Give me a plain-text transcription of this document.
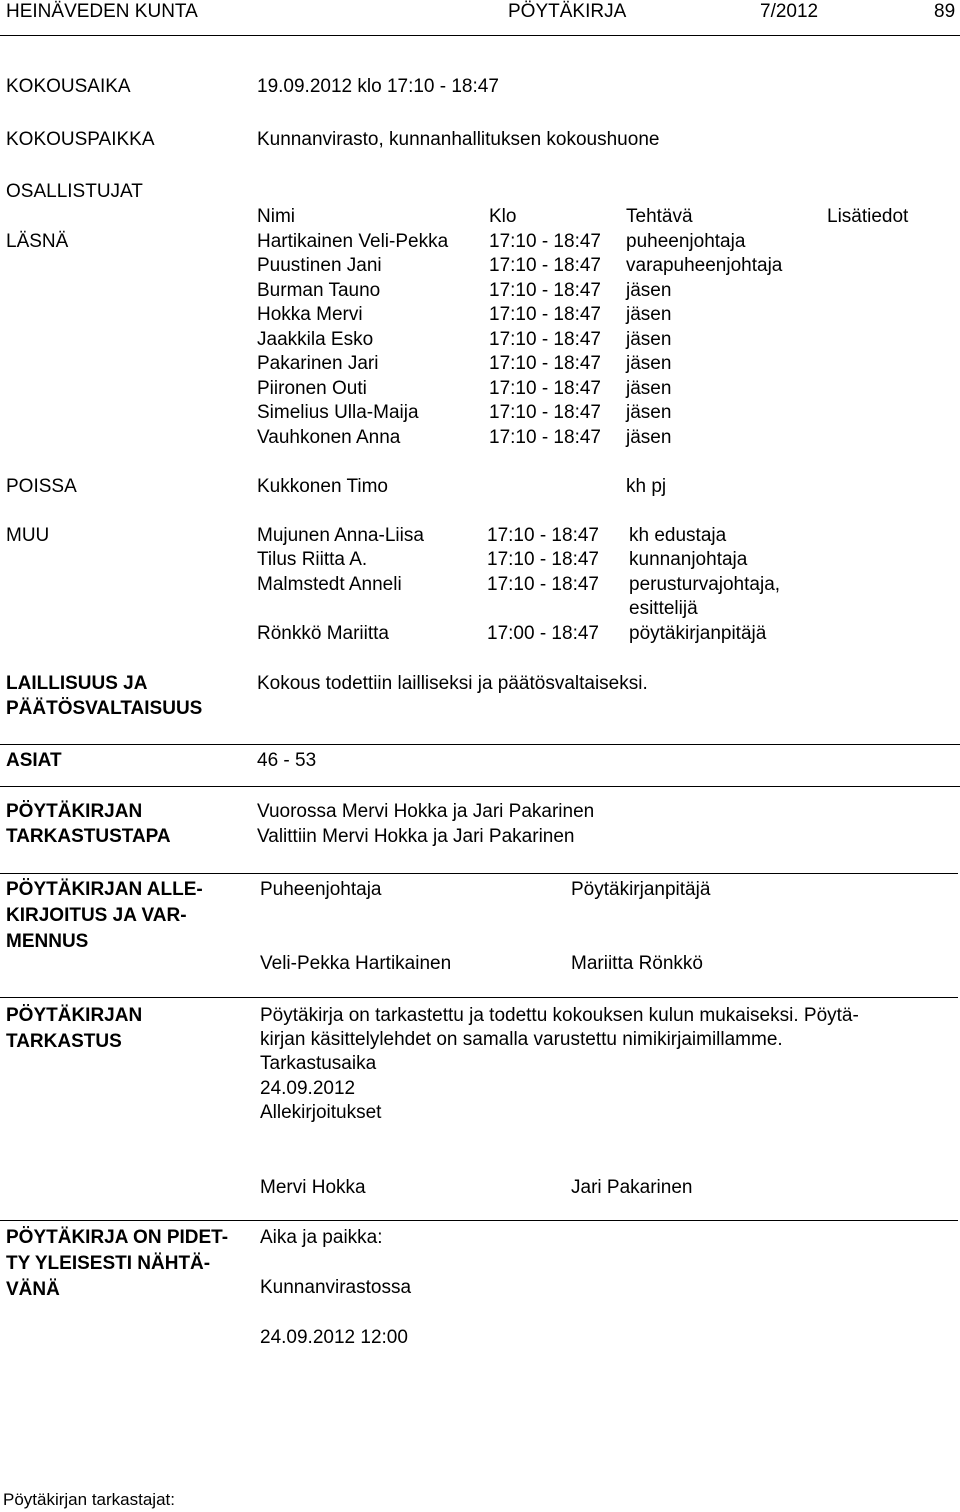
HEINÄVEDEN KUNTA	PÖYTÄKIRJA	7/2012	89
KOKOUSAIKA	19.09.2012 klo 17:10 - 18:47
KOKOUSPAIKKA	Kunnanvirasto, kunnanhallituksen kokoushuone
OSALLISTUJAT
Nimi	Klo	Tehtävä	Lisätiedot
LÄSNÄ	Hartikainen Veli-Pekka 17:10 - 18:47 puheenjohtaja
Puustinen Jani	17:10 - 18:47 varapuheenjohtaja
Burman Tauno	17:10 - 18:47 jäsen
Hokka Mervi	17:10 - 18:47 jäsen
Jaakkila Esko	17:10 - 18:47 jäsen
Pakarinen Jari	17:10 - 18:47 jäsen
Piironen Outi	17:10 - 18:47 jäsen
Simelius Ulla-Maija	17:10 - 18:47 jäsen
Vauhkonen Anna	17:10 - 18:47 jäsen
POISSA	Kukkonen Timo	kh pj
MUU	Mujunen Anna-Liisa	17:10 - 18:47 kh edustaja
Tilus Riitta A.	17:10 - 18:47 kunnanjohtaja
Malmstedt Anneli	17:10 - 18:47 perusturvajohtaja,
esittelijä
Rönkkö Mariitta	17:00 - 18:47 pöytäkirjanpitäjä
LAILLISUUS JA
PÄÄTÖSVALTAISUUS
Kokous todettiin lailliseksi ja päätösvaltaiseksi.
ASIAT	46 - 53
PÖYTÄKIRJAN
TARKASTUSTAPA
Vuorossa Mervi Hokka ja Jari Pakarinen
Valittiin Mervi Hokka ja Jari Pakarinen
PÖYTÄKIRJAN ALLE-
KIRJOITUS JA VAR-
MENNUS
Puheenjohtaja	Pöytäkirjanpitäjä
Veli-Pekka Hartikainen	Mariitta Rönkkö
PÖYTÄKIRJAN
TARKASTUS
Pöytäkirja on tarkastettu ja todettu kokouksen kulun mukaiseksi. Pöytä-
kirjan käsittelylehdet on samalla varustettu nimikirjaimillamme.
Tarkastusaika
24.09.2012
Allekirjoitukset
Mervi Hokka	Jari Pakarinen
PÖYTÄKIRJA ON PIDET-
TY YLEISESTI NÄHTÄ-
VÄNÄ
Aika ja paikka:
Kunnanvirastossa
24.09.2012 12:00
Pöytäkirjan tarkastajat:
